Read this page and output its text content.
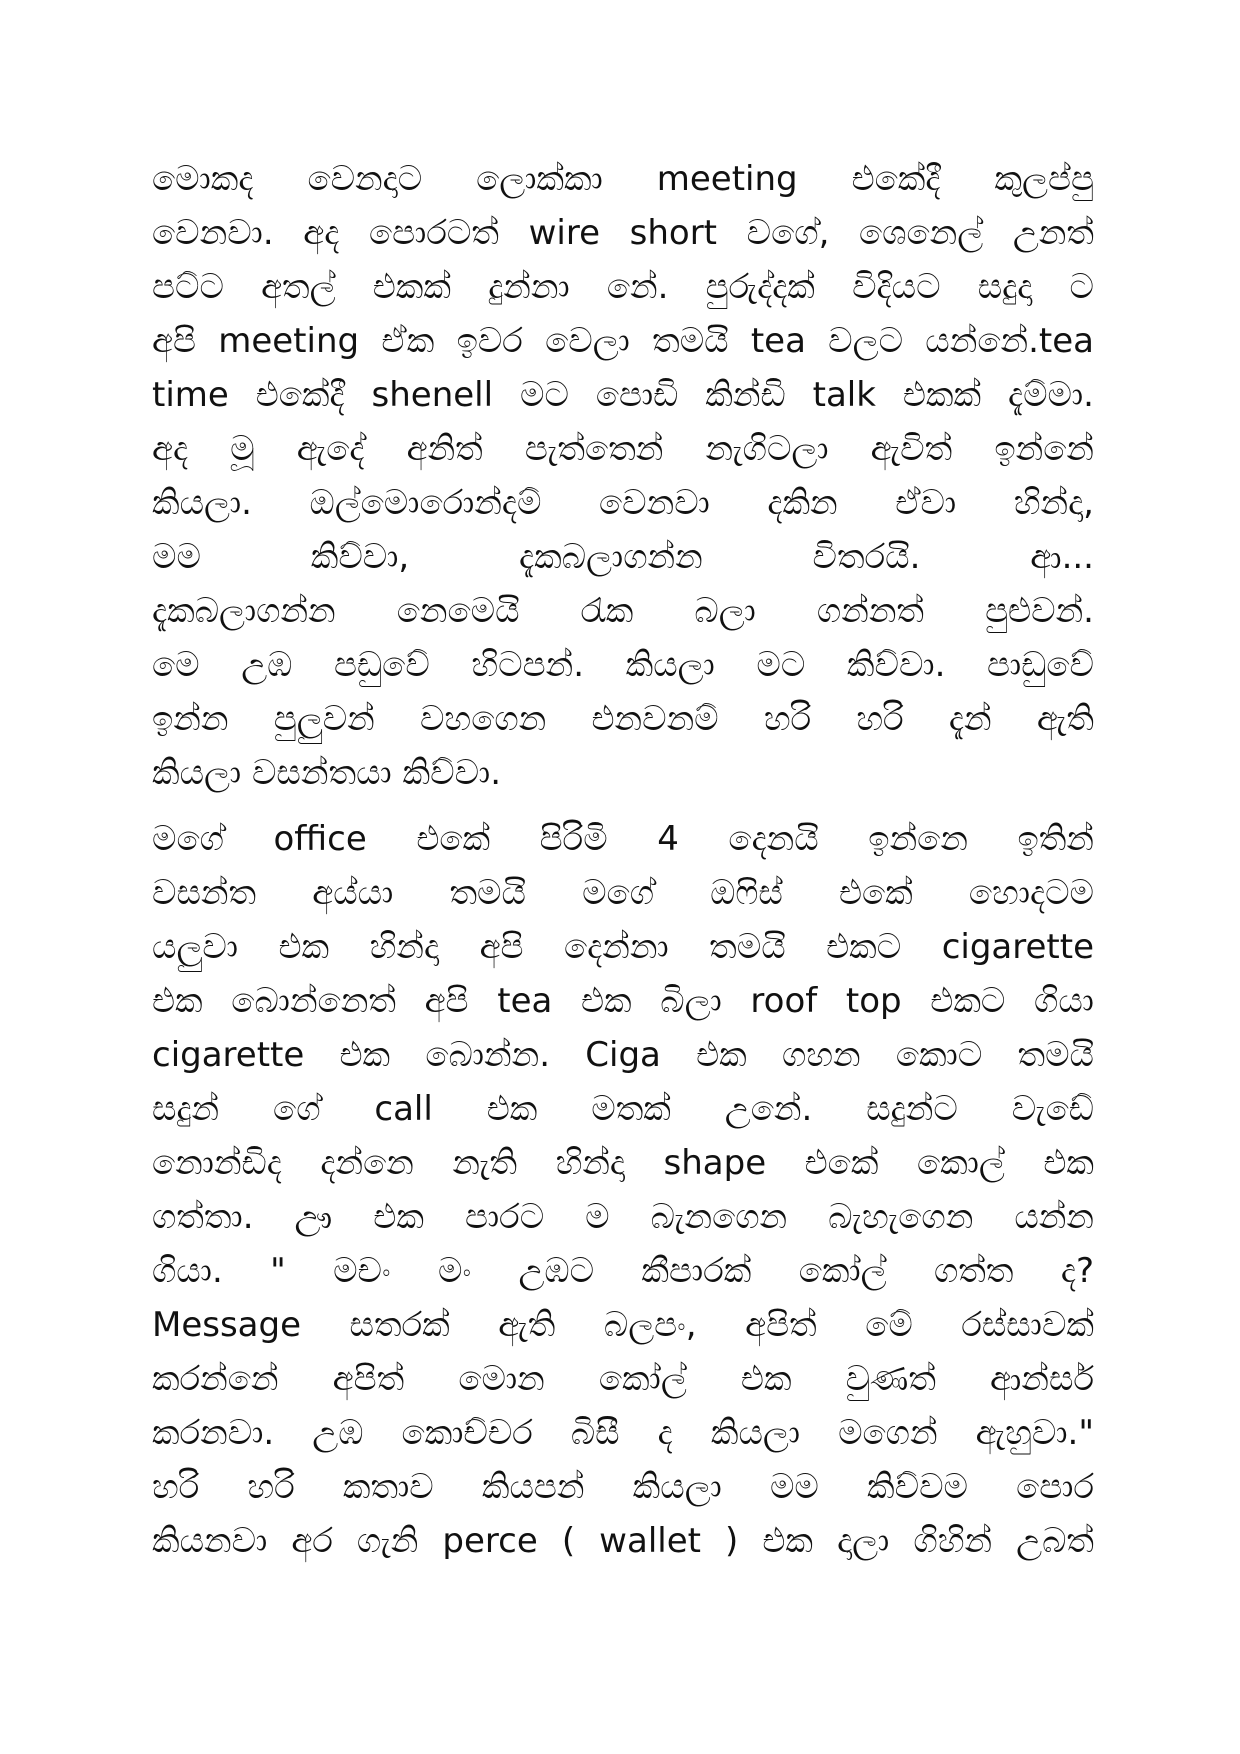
මොකද වෙනදාට ලොක්කා meeting එකේදී කුලප්පු
වෙනවා. අද පොරටත් wire short වගේ, ශෙනෙල් උනත්
පට්ට අතල් එකක් දුන්නා නේ. පුරුද්දක් විදියට සදුදා ට
අපි meeting ඒක ඉවර වෙලා තමයි tea වලට යන්නේ.tea
time එකේදී shenell මට පොඩි කින්ඩි talk එකක් දැම්මා.
අද මූ ඇදේ අනිත් පැත්තෙන් නැගිටලා ඇවිත් ඉන්නේ
කියලා. ඔල්මොරොන්දම් වෙනවා දකින ඒවා හින්දා,
මම කිව්වා, දැකබලාගන්න විතරයි. ආ...
දැකබලාගන්න නෙමෙයි රැක බලා ගන්නත් පුළුවන්.
මෙ උඹ පඩුවේ හිටපන්. කියලා මට කිව්වා. පාඩුවේ
ඉන්න පුලුවන් වහගෙන එනවනම් හරි හරි දැන් ඇති
කියලා වසන්තයා කිව්වා.
මගේ office එකේ පිරිමි 4 දෙනයි ඉන්නෙ ඉතින්
වසන්ත අය්යා තමයි මගේ ඔෆිස් එකේ හොදටම
යලුවා එක හින්දා අපි දෙන්නා තමයි එකට cigarette
එක බොන්නෙත් අපි tea එක බිලා roof top එකට ගියා
cigarette එක බොන්න. Ciga එක ගහන කොට තමයි
සදුන් ගේ call එක මතක් උනේ. සදුන්ට වැඩේ
නොන්ඩිද දන්නෙ නැති හින්දා shape එකේ කොල් එක
ගත්තා. ඌ එක පාරට ම බැනගෙන බැහැගෙන යන්න
ගියා. " මචං මං උඹට කීපාරක් කෝල් ගත්ත ද?
Message සතරක් ඇති බලපං, අපිත් මේ රස්සාවක්
කරන්නේ අපිත් මොන කෝල් එක වුණත් ආන්සර්
කරනවා. උඹ කොච්චර බිසී ද කියලා මගෙන් ඇහුවා."
හරි හරි කතාව කියපන් කියලා මම කිව්වම පොර
කියනවා අර ගැනි perce ( wallet ) එක දාලා ගිහින් උබත්
